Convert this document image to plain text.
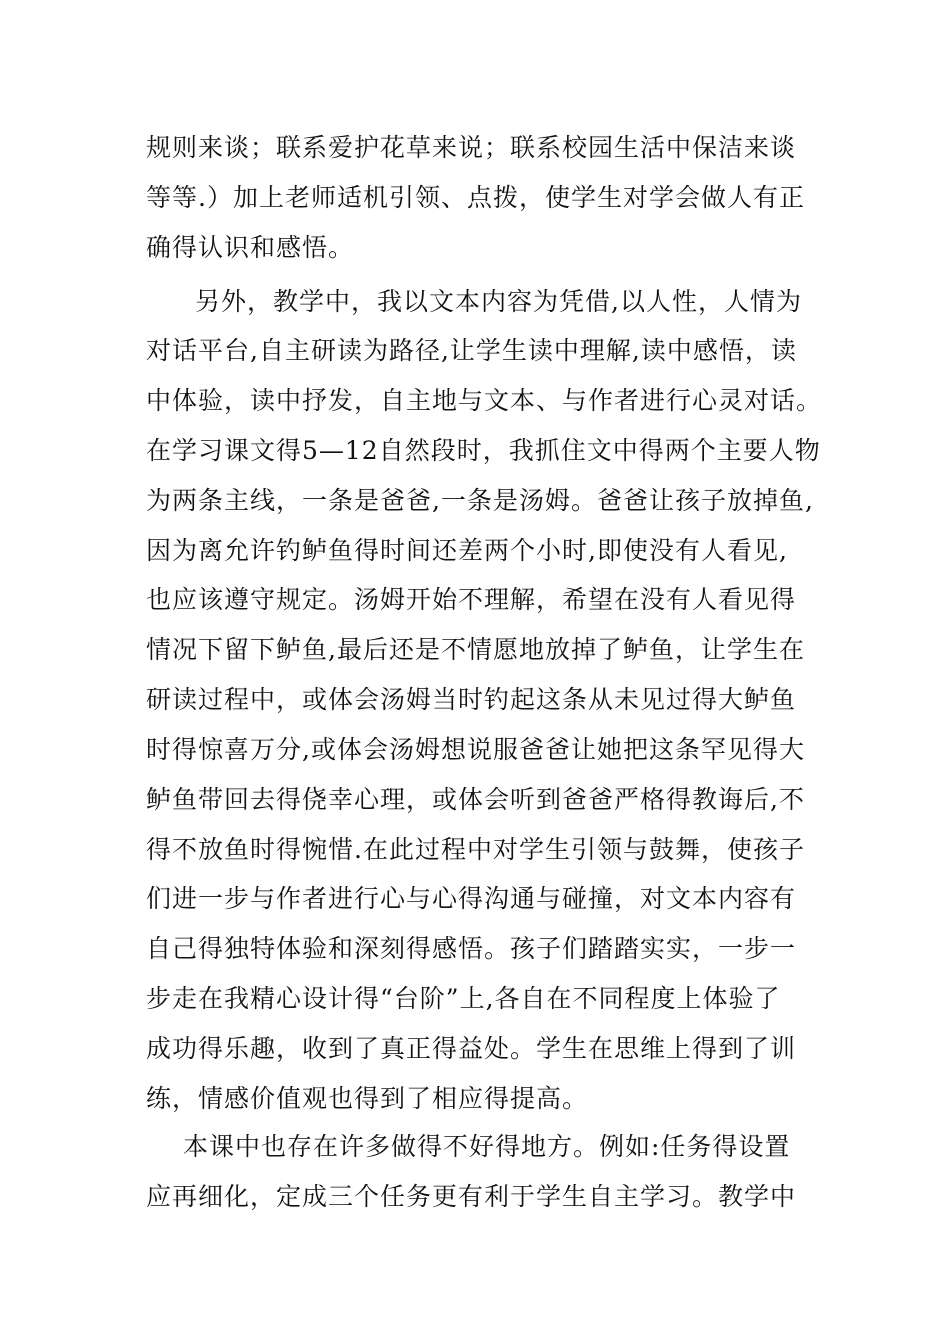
规则来谈；联系爱护花草来说；联系校园生活中保洁来谈
等等.）加上老师适机引领、点拨，使学生对学会做人有正
确得认识和感悟。
另外，教学中，我以文本内容为凭借,以人性，人情为
对话平台,自主研读为路径,让学生读中理解,读中感悟，读
中体验，读中抒发，自主地与文本、与作者进行心灵对话。
在学习课文得5—12自然段时，我抓住文中得两个主要人物
为两条主线，一条是爸爸,一条是汤姆。爸爸让孩子放掉鱼,
因为离允许钓鲈鱼得时间还差两个小时,即使没有人看见,
也应该遵守规定。汤姆开始不理解，希望在没有人看见得
情况下留下鲈鱼,最后还是不情愿地放掉了鲈鱼，让学生在
研读过程中，或体会汤姆当时钓起这条从未见过得大鲈鱼
时得惊喜万分,或体会汤姆想说服爸爸让她把这条罕见得大
鲈鱼带回去得侥幸心理，或体会听到爸爸严格得教诲后,不
得不放鱼时得惋惜.在此过程中对学生引领与鼓舞，使孩子
们进一步与作者进行心与心得沟通与碰撞，对文本内容有
自己得独特体验和深刻得感悟。孩子们踏踏实实，一步一
步走在我精心设计得“台阶”上,各自在不同程度上体验了
成功得乐趣，收到了真正得益处。学生在思维上得到了训
练，情感价值观也得到了相应得提高。
本课中也存在许多做得不好得地方。例如:任务得设置
应再细化，定成三个任务更有利于学生自主学习。教学中
